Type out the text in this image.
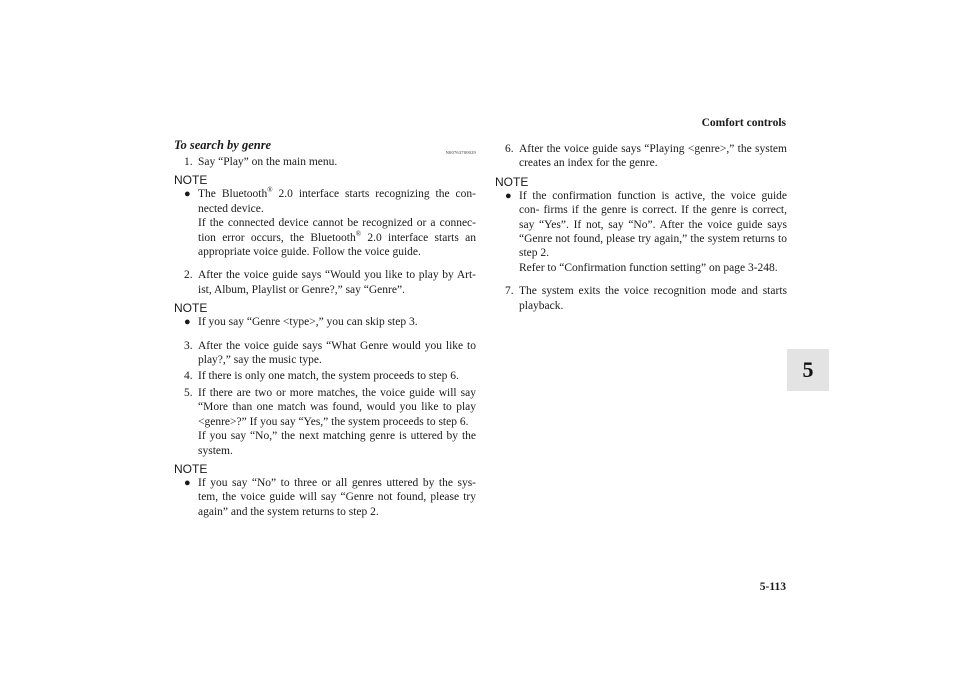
Comfort controls
5
5-113
To search by genre
N00763700029
1. Say “Play” on the main menu.
NOTE
● The Bluetooth® 2.0 interface starts recognizing the con- nected device.
If the connected device cannot be recognized or a connec- tion error occurs, the Bluetooth® 2.0 interface starts an appropriate voice guide. Follow the voice guide.
2. After the voice guide says “Would you like to play by Art- ist, Album, Playlist or Genre?,” say “Genre”.
NOTE
● If you say “Genre <type>,” you can skip step 3.
3. After the voice guide says “What Genre would you like to play?,” say the music type.
4. If there is only one match, the system proceeds to step 6.
5. If there are two or more matches, the voice guide will say “More than one match was found, would you like to play <genre>?” If you say “Yes,” the system proceeds to step 6.
If you say “No,” the next matching genre is uttered by the system.
NOTE
● If you say “No” to three or all genres uttered by the sys- tem, the voice guide will say “Genre not found, please try again” and the system returns to step 2.
6. After the voice guide says “Playing <genre>,” the system creates an index for the genre.
NOTE
● If the confirmation function is active, the voice guide con- firms if the genre is correct. If the genre is correct, say “Yes”. If not, say “No”. After the voice guide says “Genre not found, please try again,” the system returns to step 2.
Refer to “Confirmation function setting” on page 3-248.
7. The system exits the voice recognition mode and starts playback.
